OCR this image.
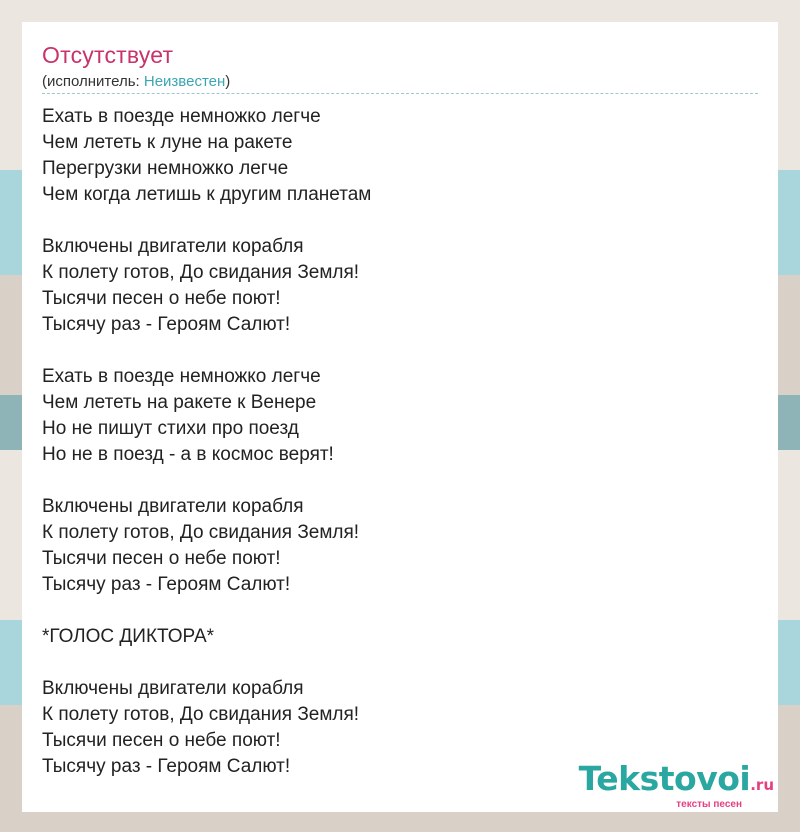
Отсутствует
(исполнитель: Неизвестен)
Ехать в поезде немножко легче
Чем лететь к луне на ракете
Перегрузки немножко легче
Чем когда летишь к другим планетам
Включены двигатели корабля
К полету готов, До свидания Земля!
Тысячи песен о небе поют!
Тысячу раз - Героям Салют!
Ехать в поезде немножко легче
Чем лететь на ракете к Венере
Но не пишут стихи про поезд
Но не в поезд - а в космос верят!
Включены двигатели корабля
К полету готов, До свидания Земля!
Тысячи песен о небе поют!
Тысячу раз - Героям Салют!
*ГОЛОС ДИКТОРА*
Включены двигатели корабля
К полету готов, До свидания Земля!
Тысячи песен о небе поют!
Тысячу раз - Героям Салют!	Tekstovoi.ru
тексты песен
